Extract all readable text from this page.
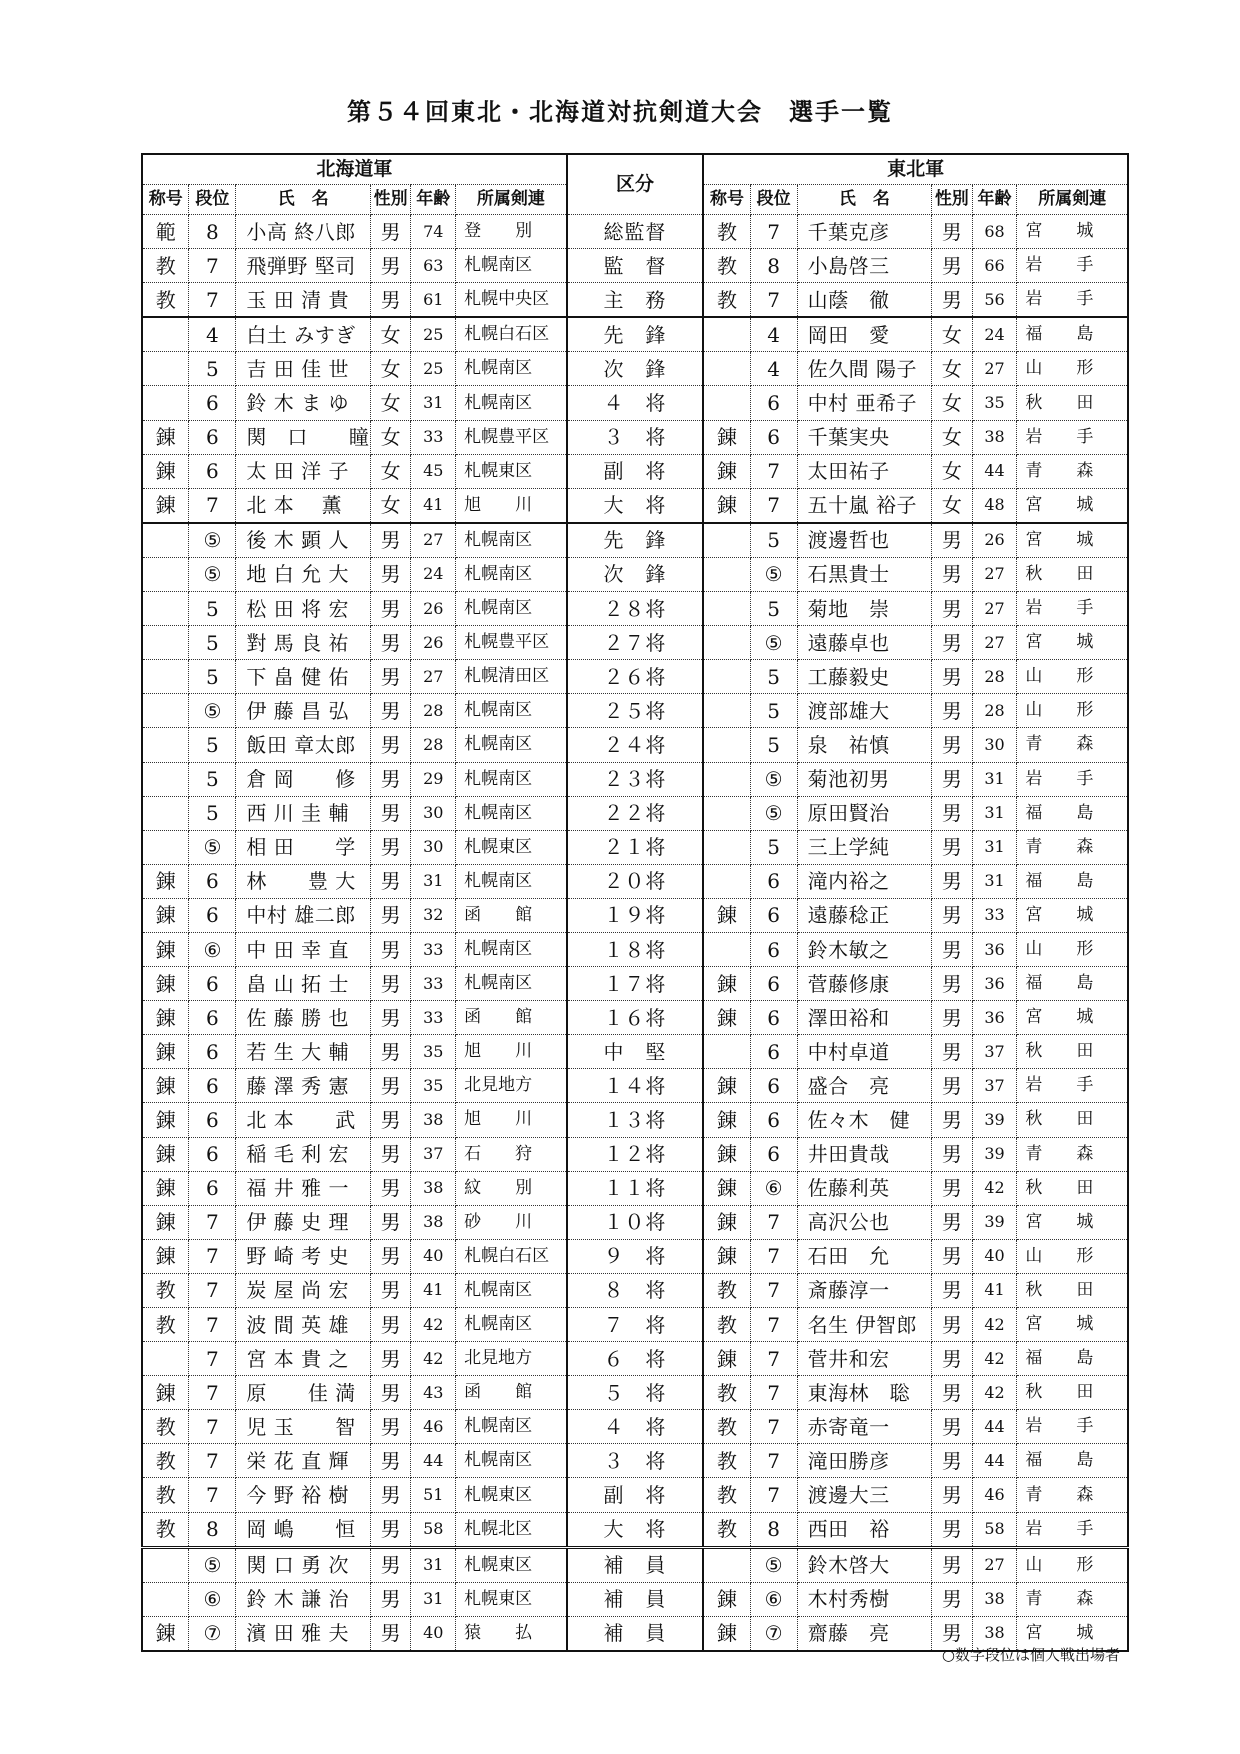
第５４回東北・北海道対抗剣道大会　選手一覧
北海道軍						区分	東北軍					
称号	段位	氏　名	性別	年齢	所属剣連		称号	段位	氏　名	性別	年齢	所属剣連
範	8	小高 終八郎	男	74	登　　別	総監督	教	7	千葉克彦	男	68	宮　　城
教	7	飛弾野 堅司	男	63	札幌南区	監　督	教	8	小島啓三	男	66	岩　　手
教	7	玉 田 清 貴	男	61	札幌中央区	主　務	教	7	山蔭　徹	男	56	岩　　手
	4	白土 みすぎ	女	25	札幌白石区	先　鋒		4	岡田　愛	女	24	福　　島
	5	吉 田 佳 世	女	25	札幌南区	次　鋒		4	佐久間 陽子	女	27	山　　形
	6	鈴 木 ま ゆ	女	31	札幌南区	４　将		6	中村 亜希子	女	35	秋　　田
錬	6	関　口　　瞳	女	33	札幌豊平区	３　将	錬	6	千葉実央	女	38	岩　　手
錬	6	太 田 洋 子	女	45	札幌東区	副　将	錬	7	太田祐子	女	44	青　　森
錬	7	北 本　 薫	女	41	旭　　川	大　将	錬	7	五十嵐 裕子	女	48	宮　　城
	⑤	後 木 顕 人	男	27	札幌南区	先　鋒		5	渡邊哲也	男	26	宮　　城
	⑤	地 白 允 大	男	24	札幌南区	次　鋒		⑤	石黒貴士	男	27	秋　　田
	5	松 田 将 宏	男	26	札幌南区	２８将		5	菊地　崇	男	27	岩　　手
	5	對 馬 良 祐	男	26	札幌豊平区	２７将		⑤	遠藤卓也	男	27	宮　　城
	5	下 畠 健 佑	男	27	札幌清田区	２６将		5	工藤毅史	男	28	山　　形
	⑤	伊 藤 昌 弘	男	28	札幌南区	２５将		5	渡部雄大	男	28	山　　形
	5	飯田 章太郎	男	28	札幌南区	２４将		5	泉　祐慎	男	30	青　　森
	5	倉 岡　　修	男	29	札幌南区	２３将		⑤	菊池初男	男	31	岩　　手
	5	西 川 圭 輔	男	30	札幌南区	２２将		⑤	原田賢治	男	31	福　　島
	⑤	相 田　　学	男	30	札幌東区	２１将		5	三上学純	男	31	青　　森
錬	6	林　　豊 大	男	31	札幌南区	２０将		6	滝内裕之	男	31	福　　島
錬	6	中村 雄二郎	男	32	函　　館	１９将	錬	6	遠藤稔正	男	33	宮　　城
錬	⑥	中 田 幸 直	男	33	札幌南区	１８将		6	鈴木敏之	男	36	山　　形
錬	6	畠 山 拓 士	男	33	札幌南区	１７将	錬	6	菅藤修康	男	36	福　　島
錬	6	佐 藤 勝 也	男	33	函　　館	１６将	錬	6	澤田裕和	男	36	宮　　城
錬	6	若 生 大 輔	男	35	旭　　川	中　堅		6	中村卓道	男	37	秋　　田
錬	6	藤 澤 秀 憲	男	35	北見地方	１４将	錬	6	盛合　亮	男	37	岩　　手
錬	6	北 本　　武	男	38	旭　　川	１３将	錬	6	佐々木　健	男	39	秋　　田
錬	6	稲 毛 利 宏	男	37	石　　狩	１２将	錬	6	井田貴哉	男	39	青　　森
錬	6	福 井 雅 一	男	38	紋　　別	１１将	錬	⑥	佐藤利英	男	42	秋　　田
錬	7	伊 藤 史 理	男	38	砂　　川	１０将	錬	7	高沢公也	男	39	宮　　城
錬	7	野 崎 考 史	男	40	札幌白石区	９　将	錬	7	石田　允	男	40	山　　形
教	7	炭 屋 尚 宏	男	41	札幌南区	８　将	教	7	斎藤淳一	男	41	秋　　田
教	7	波 間 英 雄	男	42	札幌南区	７　将	教	7	名生 伊智郎	男	42	宮　　城
	7	宮 本 貴 之	男	42	北見地方	６　将	錬	7	菅井和宏	男	42	福　　島
錬	7	原　　佳 満	男	43	函　　館	５　将	教	7	東海林　聡	男	42	秋　　田
教	7	児 玉　　智	男	46	札幌南区	４　将	教	7	赤寄竜一	男	44	岩　　手
教	7	栄 花 直 輝	男	44	札幌南区	３　将	教	7	滝田勝彦	男	44	福　　島
教	7	今 野 裕 樹	男	51	札幌東区	副　将	教	7	渡邊大三	男	46	青　　森
教	8	岡 嶋　　恒	男	58	札幌北区	大　将	教	8	西田　裕	男	58	岩　　手
	⑤	関 口 勇 次	男	31	札幌東区	補　員		⑤	鈴木啓大	男	27	山　　形
	⑥	鈴 木 謙 治	男	31	札幌東区	補　員	錬	⑥	木村秀樹	男	38	青　　森
錬	⑦	濱 田 雅 夫	男	40	猿　　払	補　員	錬	⑦	齋藤　亮	男	38	宮　　城
○数字段位は個人戦出場者
